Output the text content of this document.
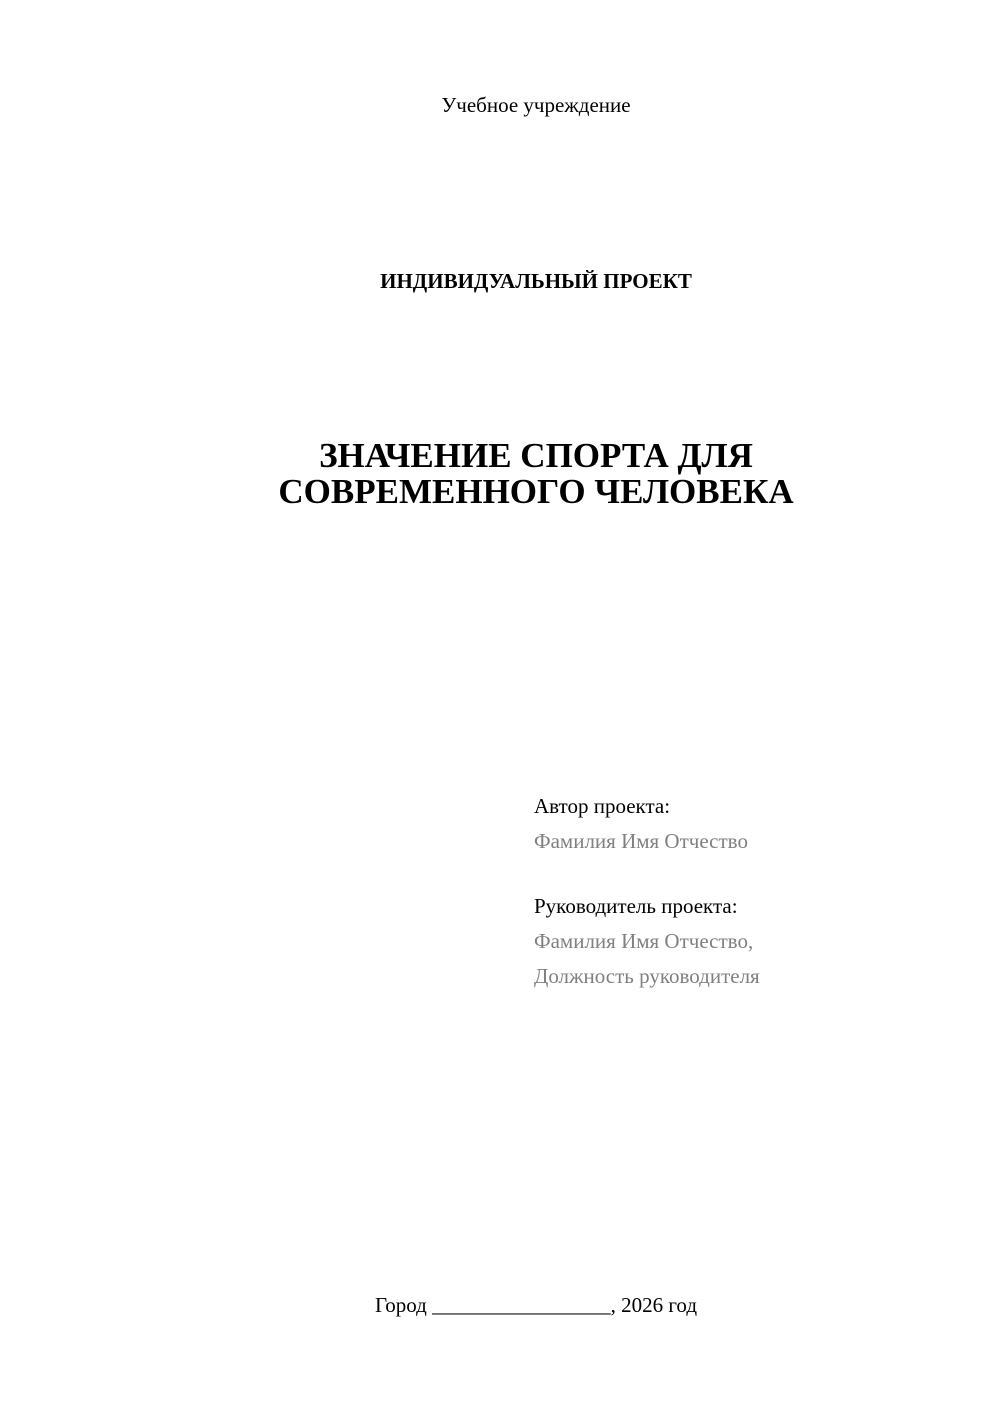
Учебное учреждение
ИНДИВИДУАЛЬНЫЙ ПРОЕКТ
ЗНАЧЕНИЕ СПОРТА ДЛЯ
СОВРЕМЕННОГО ЧЕЛОВЕКА
Автор проекта:
Фамилия Имя Отчество
Руководитель проекта:
Фамилия Имя Отчество,
Должность руководителя
Город _________________, 2026 год
